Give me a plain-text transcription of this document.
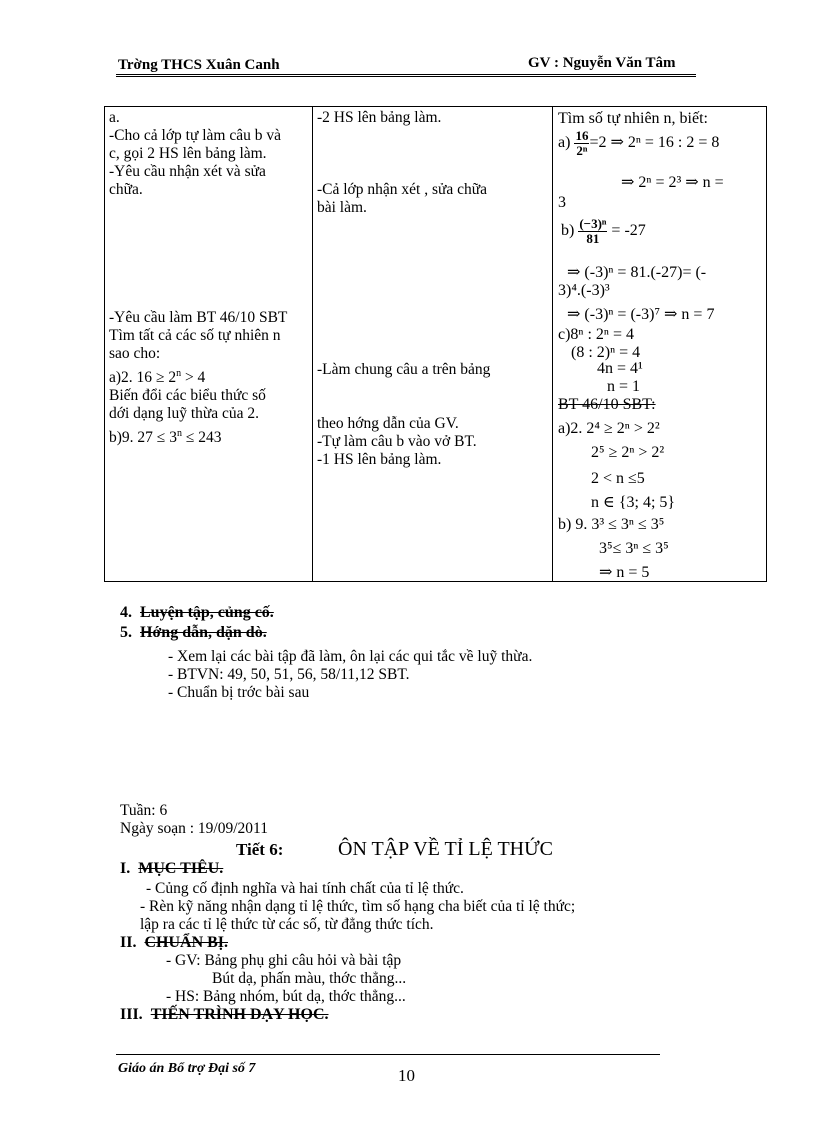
Trờng THCS Xuân Canh	GV : Nguyễn Văn Tâm
a.
-Cho cả lớp tự làm câu b và
c, gọi 2 HS lên bảng làm.
-Yêu cầu nhận xét và sửa
chữa.
-Yêu cầu làm BT 46/10 SBT
Tìm tất cả các số tự nhiên n
sao cho:
a)2. $16 \ge 2^n > 4$
Biến đổi các biểu thức số
dới dạng luỹ thừa của 2.
b)9. $27 \le 3^n \le 243$

-2 HS lên bảng làm.
-Cả lớp nhận xét , sửa chữa
bài làm.
-Làm chung câu a trên bảng
theo hớng dẫn của GV.
-Tự làm câu b vào vở BT.
-1 HS lên bảng làm.

Tìm số tự nhiên n, biết:
$a) \frac{16}{\text{2ⁿ}} =2$ ⇒ 2ⁿ = 16 : 2 = 8
⇒ 2ⁿ = 2³ ⇒ n =
3
$b) \frac{\text{(−3)ⁿ}}{81} = -27$
⇒ (-3)ⁿ = 81.(-27)= (-
3)⁴.(-3)³
⇒ (-3)ⁿ = (-3)⁷ ⇒ n = 7
c)8ⁿ : 2ⁿ = 4
(8 : 2)ⁿ = 4
4n = 4¹
n = 1
BT 46/10 SBT:
a)2. 2⁴ ≥ 2ⁿ > 2²
2⁵ ≥ 2ⁿ > 2²
2 < n ≤5
n ∈ {3; 4; 5}
b) 9. 3³ ≤ 3ⁿ ≤ 3⁵
3⁵≤ 3ⁿ ≤ 3⁵
⇒ n = 5
4. Luyện tập, củng cố.
5. Hớng dẫn, dặn dò.
- Xem lại các bài tập đã làm, ôn lại các qui tắc về luỹ thừa.
- BTVN: 49, 50, 51, 56, 58/11,12 SBT.
- Chuẩn bị trớc bài sau
Tuần: 6
Ngày soạn : 19/09/2011
Tiết 6:	ÔN TẬP VỀ TỈ LỆ THỨC
I. MỤC TIÊU.
- Củng cố định nghĩa và hai tính chất của tỉ lệ thức.
- Rèn kỹ năng nhận dạng tỉ lệ thức, tìm số hạng cha biết của tỉ lệ thức;
lập ra các tỉ lệ thức từ các số, từ đẳng thức tích.
II. CHUẨN BỊ.
- GV: Bảng phụ ghi câu hỏi và bài tập
Bút dạ, phấn màu, thớc thẳng...
- HS: Bảng nhóm, bút dạ, thớc thẳng...
III. TIẾN TRÌNH DẠY HỌC.
Giáo án Bổ trợ Đại số 7	10
